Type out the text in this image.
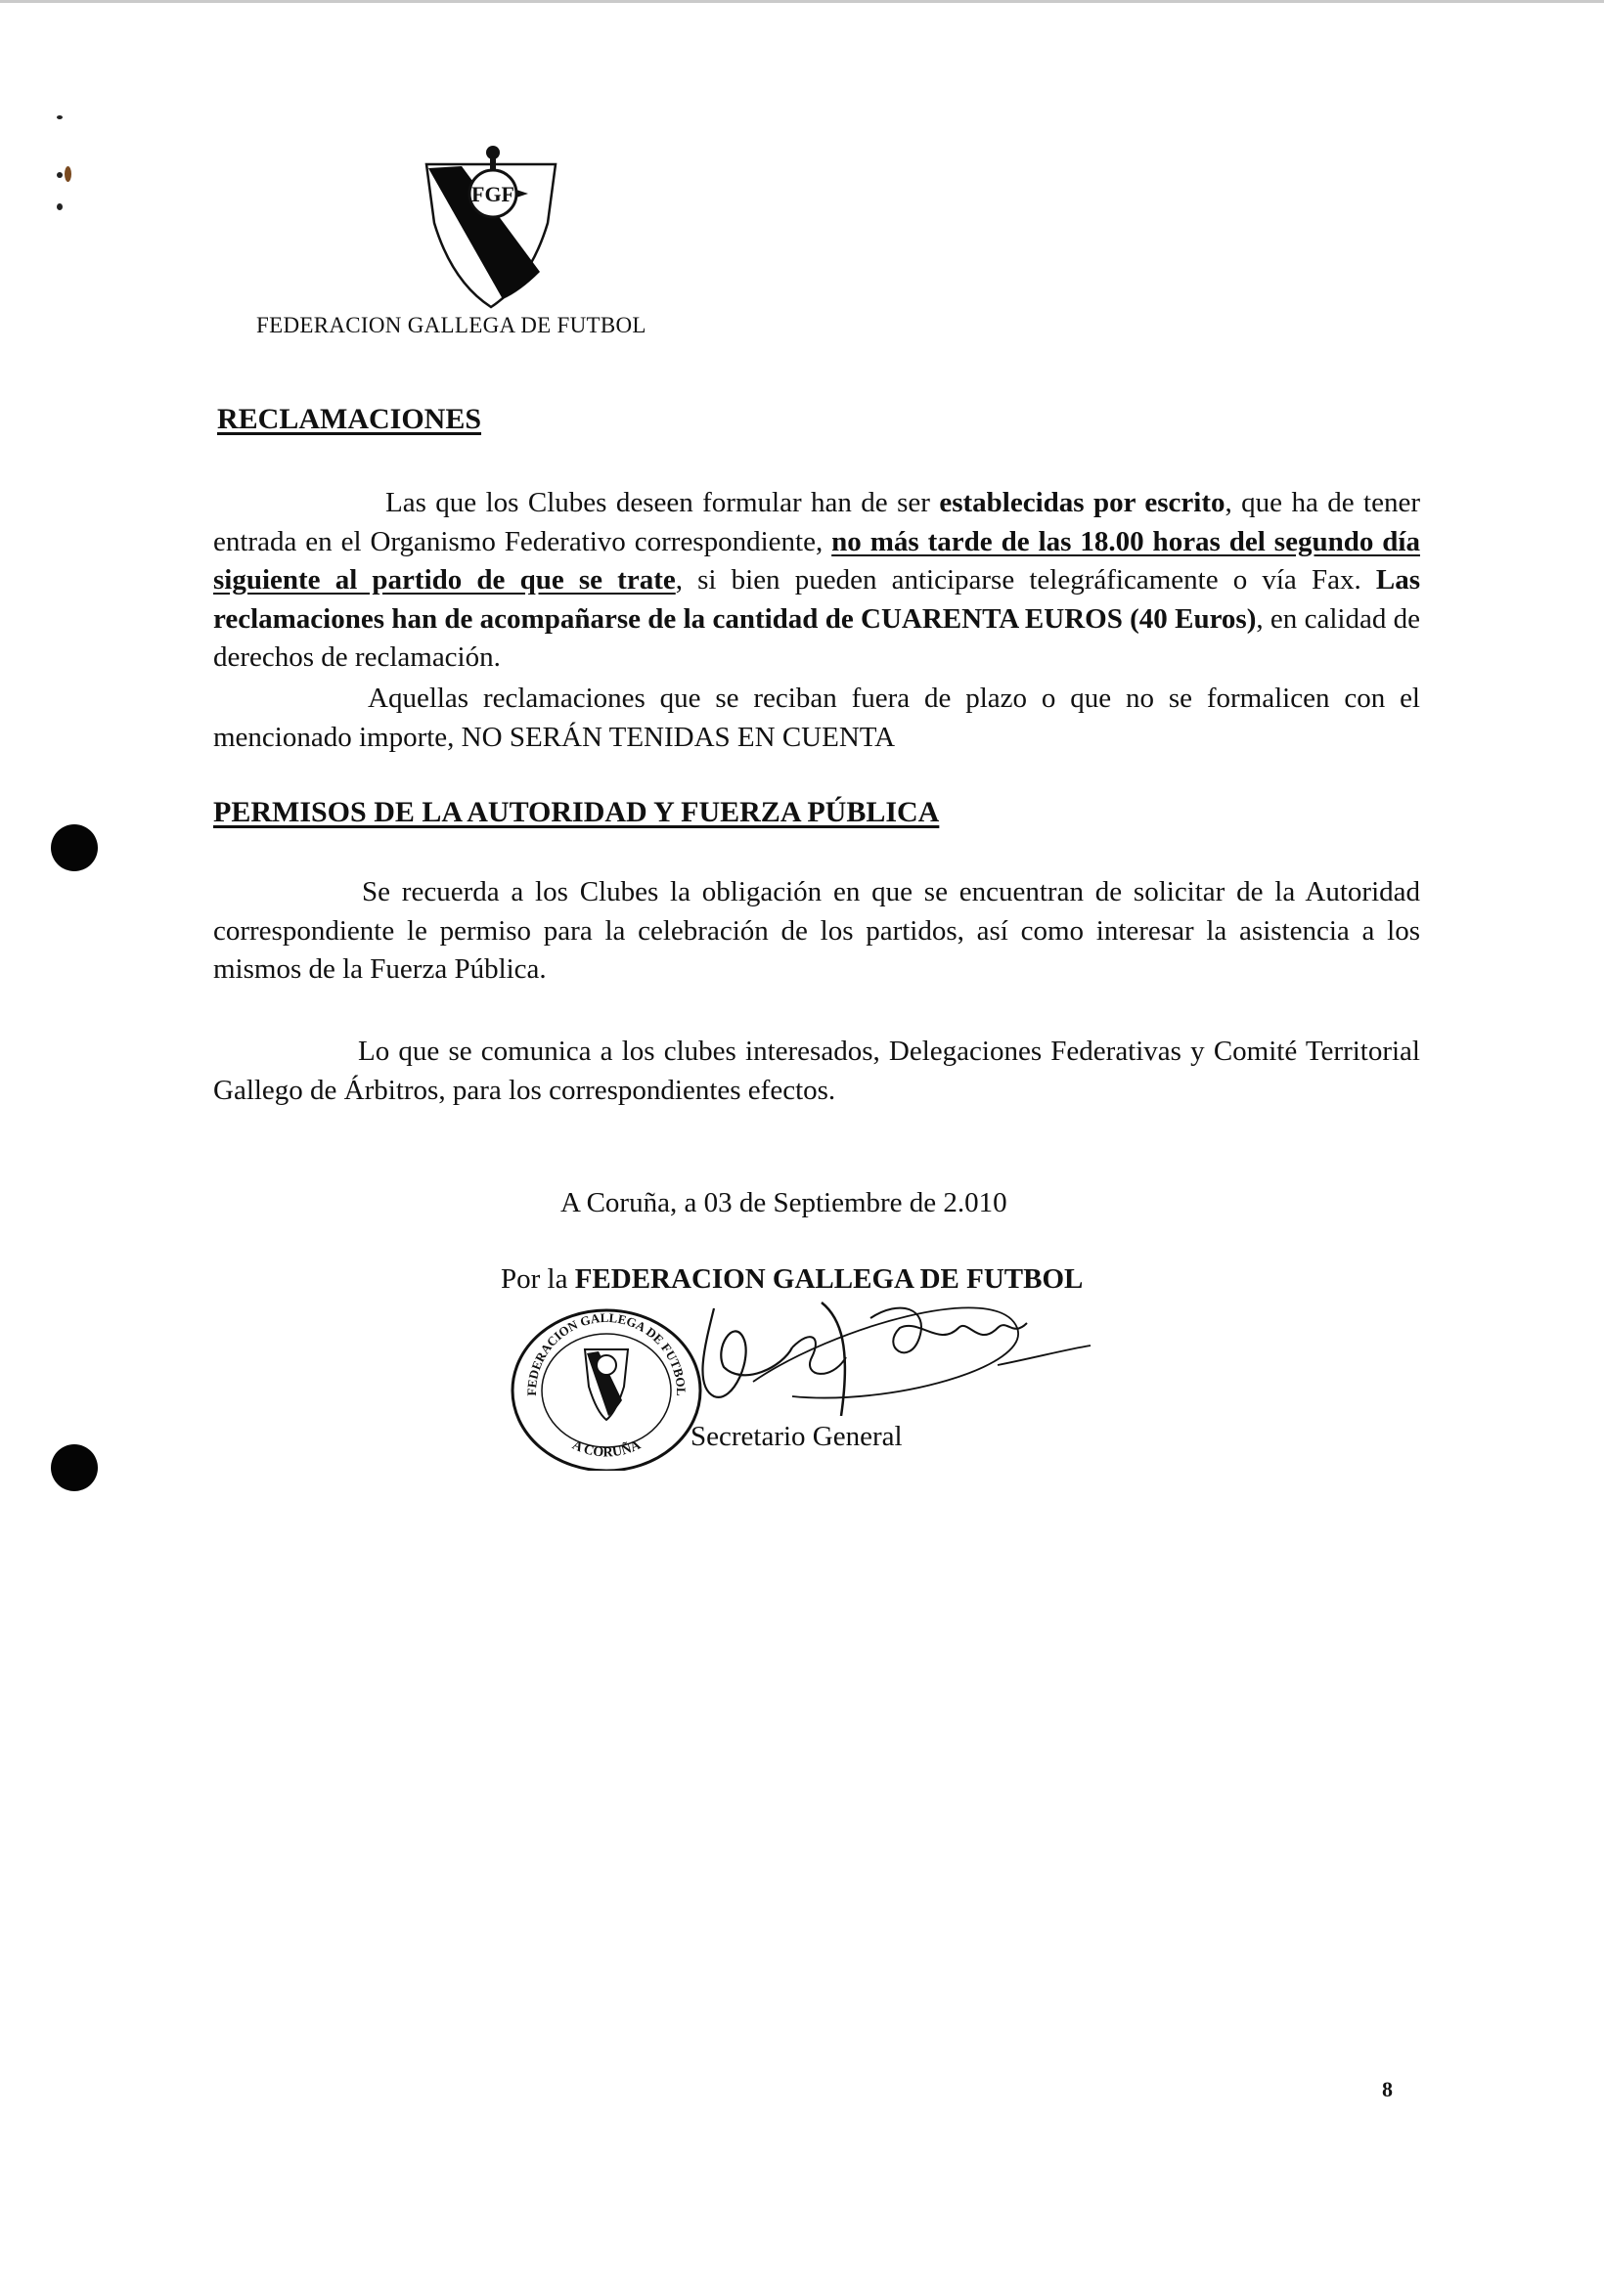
FGF
FEDERACION GALLEGA DE FUTBOL
RECLAMACIONES

Las que los Clubes deseen formular han de ser establecidas por escrito, que ha de tener entrada en el Organismo Federativo correspondiente, no más tarde de las 18.00 horas del segundo día siguiente al partido de que se trate, si bien pueden anticiparse telegráficamente o vía Fax. Las reclamaciones han de acompañarse de la cantidad de CUARENTA EUROS (40 Euros), en calidad de derechos de reclamación.

Aquellas reclamaciones que se reciban fuera de plazo o que no se formalicen con el mencionado importe, NO SERÁN TENIDAS EN CUENTA

PERMISOS DE LA AUTORIDAD Y FUERZA PÚBLICA

Se recuerda a los Clubes la obligación en que se encuentran de solicitar de la Autoridad correspondiente le permiso para la celebración de los partidos, así como interesar la asistencia a los mismos de la Fuerza Pública.

Lo que se comunica a los clubes interesados, Delegaciones Federativas y Comité Territorial Gallego de Árbitros, para los correspondientes efectos.

A Coruña, a 03 de Septiembre de 2.010
Por la FEDERACION GALLEGA DE FUTBOL
FEDERACION GALLEGA DE FUTBOL
A CORUÑA Secretario General
8
